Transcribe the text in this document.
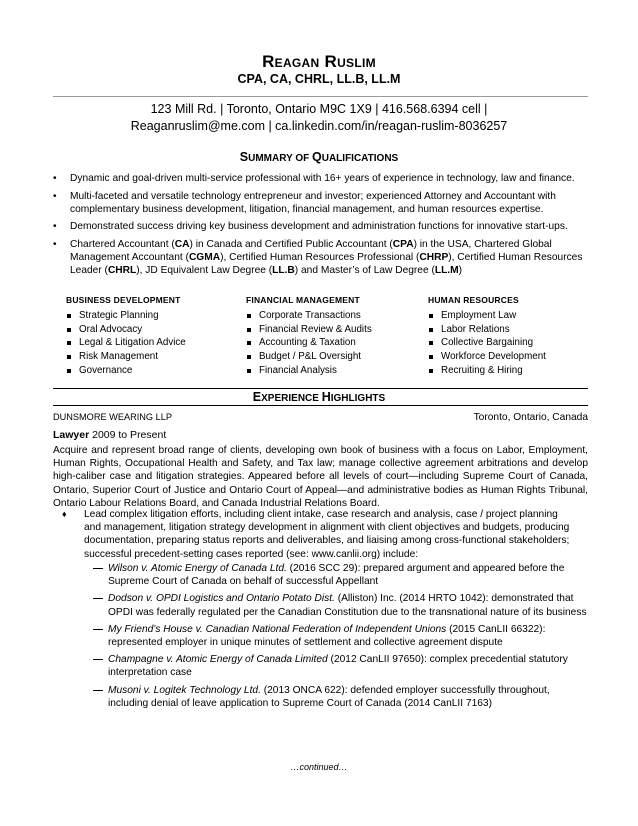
Reagan Ruslim
CPA, CA, CHRL, LL.B, LL.M
123 Mill Rd. | Toronto, Ontario M9C 1X9 | 416.568.6394 cell |
Reaganruslim@me.com | ca.linkedin.com/in/reagan-ruslim-8036257
SUMMARY OF QUALIFICATIONS
• Dynamic and goal-driven multi-service professional with 16+ years of experience in technology, law and finance.
• Multi-faceted and versatile technology entrepreneur and investor; experienced Attorney and Accountant with complementary business development, litigation, financial management, and human resources expertise.
• Demonstrated success driving key business development and administration functions for innovative start-ups.
• Chartered Accountant (CA) in Canada and Certified Public Accountant (CPA) in the USA, Chartered Global Management Accountant (CGMA), Certified Human Resources Professional (CHRP), Certified Human Resources Leader (CHRL), JD Equivalent Law Degree (LL.B) and Master’s of Law Degree (LL.M)
BUSINESS DEVELOPMENT
Strategic Planning
Oral Advocacy
Legal & Litigation Advice
Risk Management
Governance
FINANCIAL MANAGEMENT
Corporate Transactions
Financial Review & Audits
Accounting & Taxation
Budget / P&L Oversight
Financial Analysis
HUMAN RESOURCES
Employment Law
Labor Relations
Collective Bargaining
Workforce Development
Recruiting & Hiring
EXPERIENCE HIGHLIGHTS
DUNSMORE WEARING LLP	Toronto, Ontario, Canada
Lawyer 2009 to Present
Acquire and represent broad range of clients, developing own book of business with a focus on Labor, Employment, Human Rights, Occupational Health and Safety, and Tax law; manage collective agreement arbitrations and develop high-caliber case and litigation strategies. Appeared before all levels of court—including Supreme Court of Canada, Ontario, Superior Court of Justice and Ontario Court of Appeal—and administrative bodies as Human Rights Tribunal, Ontario Labour Relations Board, and Canada Industrial Relations Board.
♦ Lead complex litigation efforts, including client intake, case research and analysis, case / project planning and management, litigation strategy development in alignment with client objectives and budgets, producing documentation, preparing status reports and deliverables, and liaising among cross-functional stakeholders; successful precedent-setting cases reported (see: www.canlii.org) include:
Wilson v. Atomic Energy of Canada Ltd. (2016 SCC 29): prepared argument and appeared before the Supreme Court of Canada on behalf of successful Appellant
Dodson v. OPDI Logistics and Ontario Potato Dist. (Alliston) Inc. (2014 HRTO 1042): demonstrated that OPDI was federally regulated per the Canadian Constitution due to the transnational nature of its business
My Friend’s House v. Canadian National Federation of Independent Unions (2015 CanLII 66322): represented employer in unique minutes of settlement and collective agreement dispute
Champagne v. Atomic Energy of Canada Limited (2012 CanLII 97650): complex precedential statutory interpretation case
Musoni v. Logitek Technology Ltd. (2013 ONCA 622): defended employer successfully throughout, including denial of leave application to Supreme Court of Canada (2014 CanLII 7163)
…continued…
